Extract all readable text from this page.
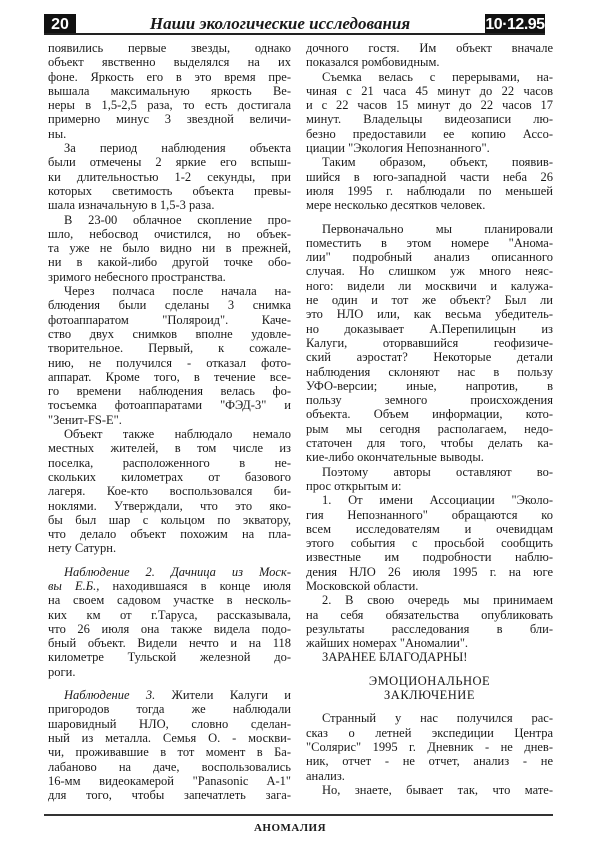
20	Наши экологические исследования	10·12.95
появились первые звезды, однако
объект явственно выделялся на их
фоне. Яркость его в это время пре-
вышала максимальную яркость Ве-
неры в 1,5-2,5 раза, то есть достигала
примерно минус 3 звездной величи-
ны.
За период наблюдения объекта
были отмечены 2 яркие его вспыш-
ки длительностью 1-2 секунды, при
которых светимость объекта превы-
шала изначальную в 1,5-3 раза.
В 23-00 облачное скопление про-
шло, небосвод очистился, но объек-
та уже не было видно ни в прежней,
ни в какой-либо другой точке обо-
зримого небесного пространства.
Через полчаса после начала на-
блюдения были сделаны 3 снимка
фотоаппаратом "Поляроид". Каче-
ство двух снимков вполне удовле-
творительное. Первый, к сожале-
нию, не получился - отказал фото-
аппарат. Кроме того, в течение все-
го времени наблюдения велась фо-
тосъемка фотоаппаратами "ФЭД-3" и
"Зенит-FS-E".
Объект также наблюдало немало
местных жителей, в том числе из
поселка, расположенного в не-
скольких километрах от базового
лагеря. Кое-кто воспользовался би-
ноклями. Утверждали, что это яко-
бы был шар с кольцом по экватору,
что делало объект похожим на пла-
нету Сатурн.
Наблюдение 2. Дачница из Моск-
вы Е.Б., находившаяся в конце июля
на своем садовом участке в несколь-
ких км от г.Таруса, рассказывала,
что 26 июля она также видела подо-
бный объект. Видели нечто и на 118
километре Тульской железной до-
роги.
Наблюдение 3. Жители Калуги и
пригородов тогда же наблюдали
шаровидный НЛО, словно сделан-
ный из металла. Семья О. - москви-
чи, проживавшие в тот момент в Ба-
лабаново на даче, воспользовались
16-мм видеокамерой "Panasonic A-1"
для того, чтобы запечатлеть зага-
дочного гостя. Им объект вначале
показался ромбовидным.
Съемка велась с перерывами, на-
чиная с 21 часа 45 минут до 22 часов
и с 22 часов 15 минут до 22 часов 17
минут. Владельцы видеозаписи лю-
безно предоставили ее копию Ассо-
циации "Экология Непознанного".
Таким образом, объект, появив-
шийся в юго-западной части неба 26
июля 1995 г. наблюдали по меньшей
мере несколько десятков человек.
Первоначально мы планировали
поместить в этом номере "Анома-
лии" подробный анализ описанного
случая. Но слишком уж много неяс-
ного: видели ли москвичи и калужа-
не один и тот же объект? Был ли
это НЛО или, как весьма убедитель-
но доказывает А.Перепилицын из
Калуги, оторвавшийся геофизиче-
ский аэростат? Некоторые детали
наблюдения склоняют нас в пользу
УФО-версии; иные, напротив, в
пользу земного происхождения
объекта. Объем информации, кото-
рым мы сегодня располагаем, недо-
статочен для того, чтобы делать ка-
кие-либо окончательные выводы.
Поэтому авторы оставляют во-
прос открытым и:
1. От имени Ассоциации "Эколо-
гия Непознанного" обращаются ко
всем исследователям и очевидцам
этого события с просьбой сообщить
известные им подробности наблю-
дения НЛО 26 июля 1995 г. на юге
Московской области.
2. В свою очередь мы принимаем
на себя обязательства опубликовать
результаты расследования в бли-
жайших номерах "Аномалии".
ЗАРАНЕЕ БЛАГОДАРНЫ!
ЭМОЦИОНАЛЬНОЕ
ЗАКЛЮЧЕНИЕ
Странный у нас получился рас-
сказ о летней экспедиции Центра
"Солярис" 1995 г. Дневник - не днев-
ник, отчет - не отчет, анализ - не
анализ.
Но, знаете, бывает так, что мате-
АНОМАЛИЯ
